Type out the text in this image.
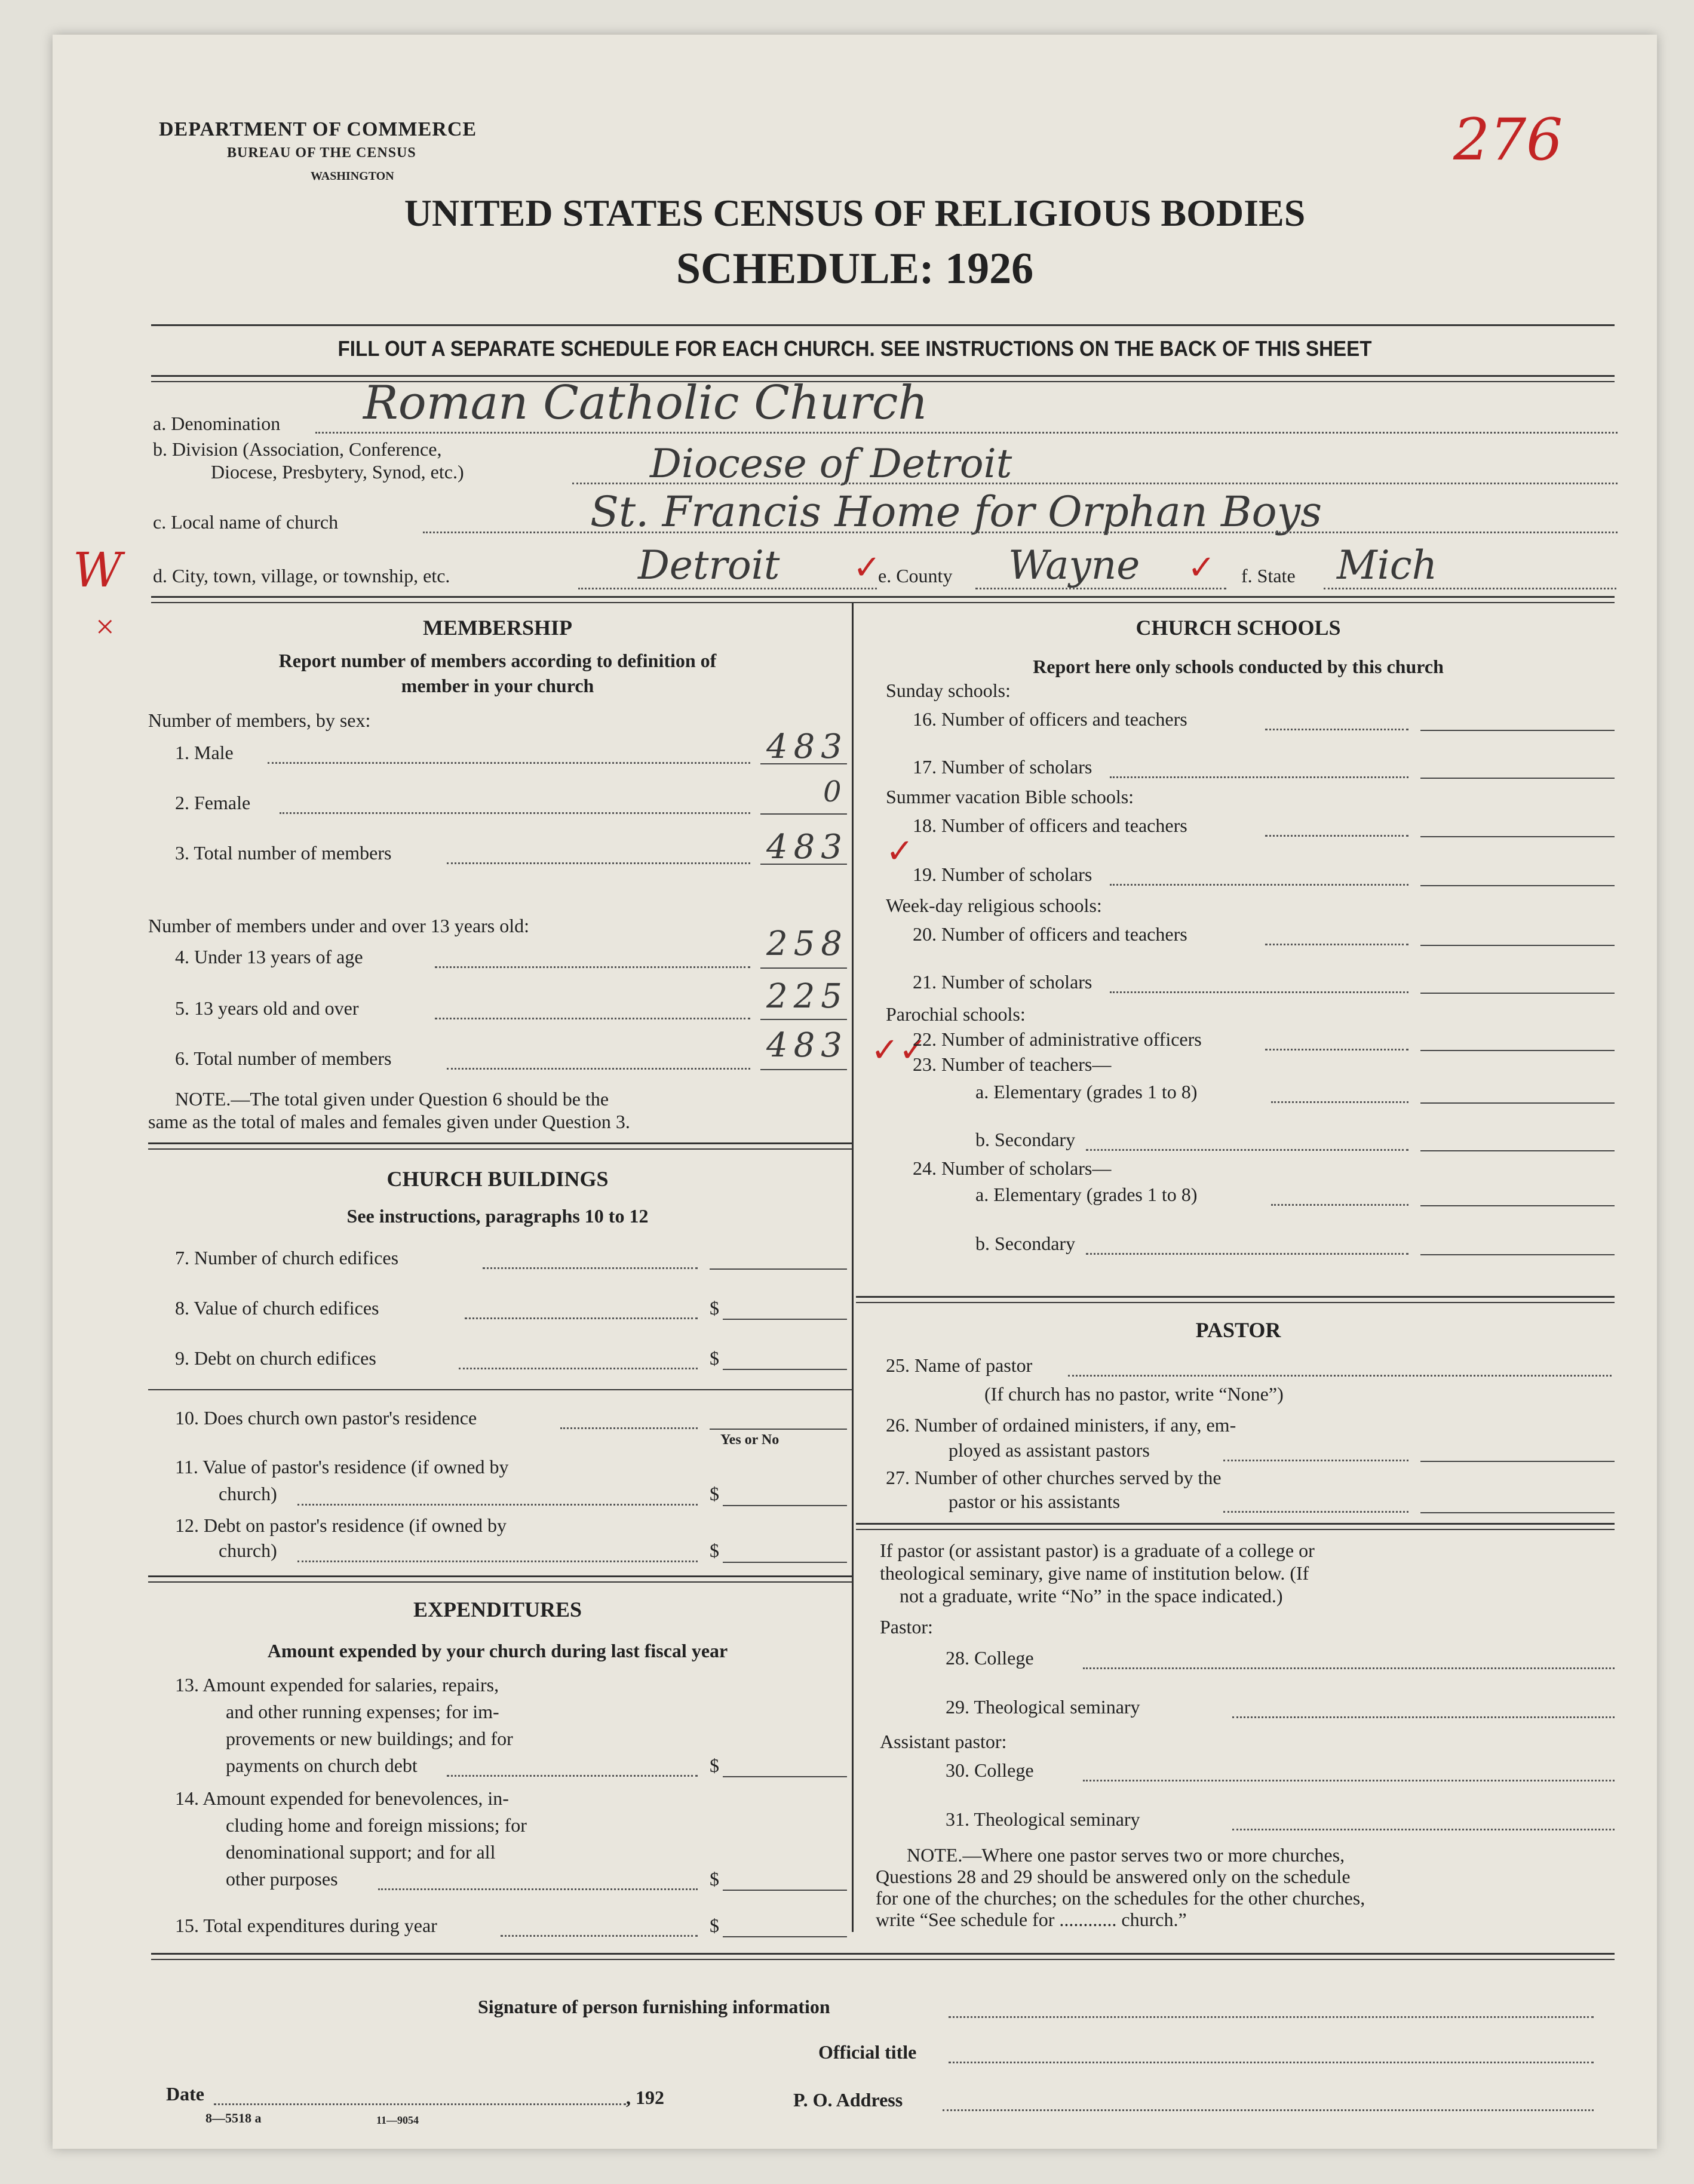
DEPARTMENT OF COMMERCE
BUREAU OF THE CENSUS
WASHINGTON
276
UNITED STATES CENSUS OF RELIGIOUS BODIES
SCHEDULE: 1926
FILL OUT A SEPARATE SCHEDULE FOR EACH CHURCH. SEE INSTRUCTIONS ON THE BACK OF THIS SHEET
a. Denomination Roman Catholic Church
b. Division (Association, Conference,
Diocese, Presbytery, Synod, etc.)	Diocese of Detroit
c. Local name of church	St. Francis Home for Orphan Boys
W
×
d. City, town, village, or township, etc.	Detroit ✓
e. County Wayne ✓ f. State Mich
MEMBERSHIP
Report number of members according to definition of
member in your church
Number of members, by sex:
1. Male	483
2. Female	0
3. Total number of members	483 ✓
Number of members under and over 13 years old:
4. Under 13 years of age	258
5. 13 years old and over	225
6. Total number of members	483 ✓✓
NOTE.—The total given under Question 6 should be the
same as the total of males and females given under Question 3.
CHURCH BUILDINGS
See instructions, paragraphs 10 to 12
7. Number of church edifices
8. Value of church edifices	$
9. Debt on church edifices	$
10. Does church own pastor's residence
Yes or No
11. Value of pastor's residence (if owned by
church)	$
12. Debt on pastor's residence (if owned by
church)	$
EXPENDITURES
Amount expended by your church during last fiscal year
13. Amount expended for salaries, repairs,
and other running expenses; for im-
provements or new buildings; and for
payments on church debt	$
14. Amount expended for benevolences, in-
cluding home and foreign missions; for
denominational support; and for all
other purposes	$
15. Total expenditures during year	$
CHURCH SCHOOLS
Report here only schools conducted by this church
Sunday schools:
16. Number of officers and teachers
17. Number of scholars
Summer vacation Bible schools:
18. Number of officers and teachers
19. Number of scholars
Week-day religious schools:
20. Number of officers and teachers
21. Number of scholars
Parochial schools:
22. Number of administrative officers
23. Number of teachers—
a. Elementary (grades 1 to 8)
b. Secondary
24. Number of scholars—
a. Elementary (grades 1 to 8)
b. Secondary
PASTOR
25. Name of pastor
(If church has no pastor, write “None”)
26. Number of ordained ministers, if any, em-
ployed as assistant pastors
27. Number of other churches served by the
pastor or his assistants
If pastor (or assistant pastor) is a graduate of a college or
theological seminary, give name of institution below. (If
not a graduate, write “No” in the space indicated.)
Pastor:
28. College
29. Theological seminary
Assistant pastor:
30. College
31. Theological seminary
NOTE.—Where one pastor serves two or more churches,
Questions 28 and 29 should be answered only on the schedule
for one of the churches; on the schedules for the other churches,
write “See schedule for ............ church.”
Signature of person furnishing information
Official title
Date	, 192	P. O. Address
8—5518 a	11—9054
